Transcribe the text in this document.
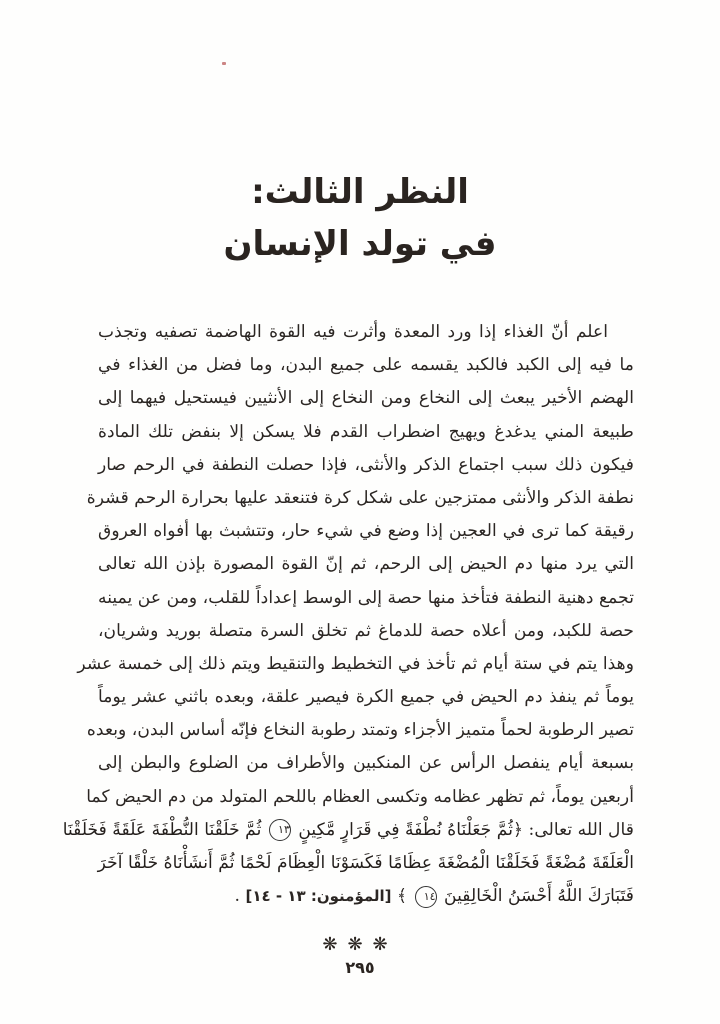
النظر الثالث:
في تولد الإنسان
اعلم أنّ الغذاء إذا ورد المعدة وأثرت فيه القوة الهاضمة تصفيه وتجذب
ما فيه إلى الكبد فالكبد يقسمه على جميع البدن، وما فضل من الغذاء في
الهضم الأخير يبعث إلى النخاع ومن النخاع إلى الأنثيين فيستحيل فيهما إلى
طبيعة المني يدغدغ ويهيج اضطراب القدم فلا يسكن إلا بنفض تلك المادة
فيكون ذلك سبب اجتماع الذكر والأنثى، فإذا حصلت النطفة في الرحم صار
نطفة الذكر والأنثى ممتزجين على شكل كرة فتنعقد عليها بحرارة الرحم قشرة
رقيقة كما ترى في العجين إذا وضع في شيء حار، وتتشبث بها أفواه العروق
التي يرد منها دم الحيض إلى الرحم، ثم إنّ القوة المصورة بإذن الله تعالى
تجمع دهنية النطفة فتأخذ منها حصة إلى الوسط إعداداً للقلب، ومن عن يمينه
حصة للكبد، ومن أعلاه حصة للدماغ ثم تخلق السرة متصلة بوريد وشريان،
وهذا يتم في ستة أيام ثم تأخذ في التخطيط والتنقيط ويتم ذلك إلى خمسة عشر
يوماً ثم ينفذ دم الحيض في جميع الكرة فيصير علقة، وبعده باثني عشر يوماً
تصير الرطوبة لحماً متميز الأجزاء وتمتد رطوبة النخاع فإنّه أساس البدن، وبعده
بسبعة أيام ينفصل الرأس عن المنكبين والأطراف من الضلوع والبطن إلى
أربعين يوماً، ثم تظهر عظامه وتكسى العظام باللحم المتولد من دم الحيض كما
قال الله تعالى: ﴿ثُمَّ جَعَلْنَاهُ نُطْفَةً فِي قَرَارٍ مَّكِينٍ ١٣ ثُمَّ خَلَقْنَا النُّطْفَةَ عَلَقَةً فَخَلَقْنَا
الْعَلَقَةَ مُضْغَةً فَخَلَقْنَا الْمُضْغَةَ عِظَامًا فَكَسَوْنَا الْعِظَامَ لَحْمًا ثُمَّ أَنشَأْنَاهُ خَلْقًا آخَرَ
فَتَبَارَكَ اللَّهُ أَحْسَنُ الْخَالِقِينَ ١٤ ﴾ [المؤمنون: ١٣ - ١٤] .
❋❋❋
٢٩٥
